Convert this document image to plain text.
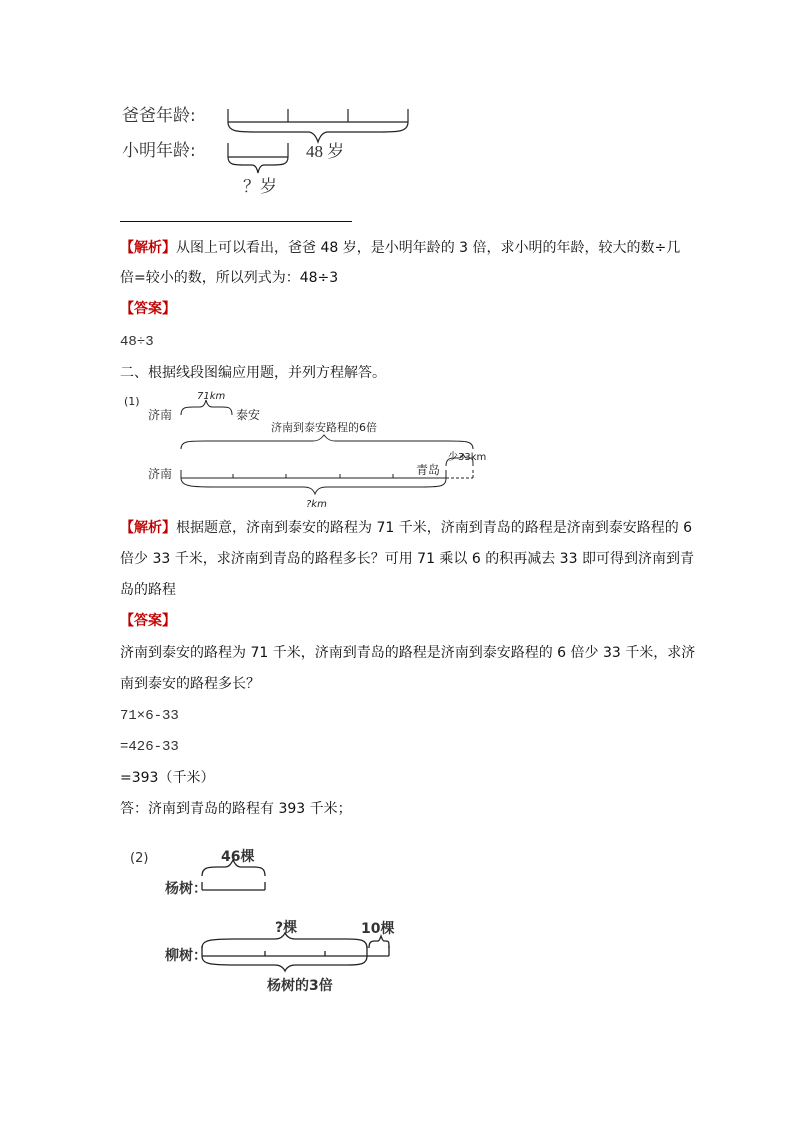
爸爸年龄:
小明年龄:	48 岁
？岁
【解析】从图上可以看出，爸爸 48 岁，是小明年龄的 3 倍，求小明的年龄，较大的数÷几
倍=较小的数，所以列式为：48÷3
【答案】
48÷3
二、根据线段图编应用题，并列方程解答。
(1)
济南	泰安
71km
济南到泰安路程的6倍
少33km
济南	青岛
?km
【解析】根据题意，济南到泰安的路程为 71 千米，济南到青岛的路程是济南到泰安路程的 6
倍少 33 千米，求济南到青岛的路程多长？可用 71 乘以 6 的积再减去 33 即可得到济南到青
岛的路程
【答案】
济南到泰安的路程为 71 千米，济南到青岛的路程是济南到泰安路程的 6 倍少 33 千米，求济
南到泰安的路程多长？
71×6-33
=426-33
=393（千米）
答：济南到青岛的路程有 393 千米；
(2)	46棵
杨树：
?棵	10棵
柳树：
杨树的3倍
